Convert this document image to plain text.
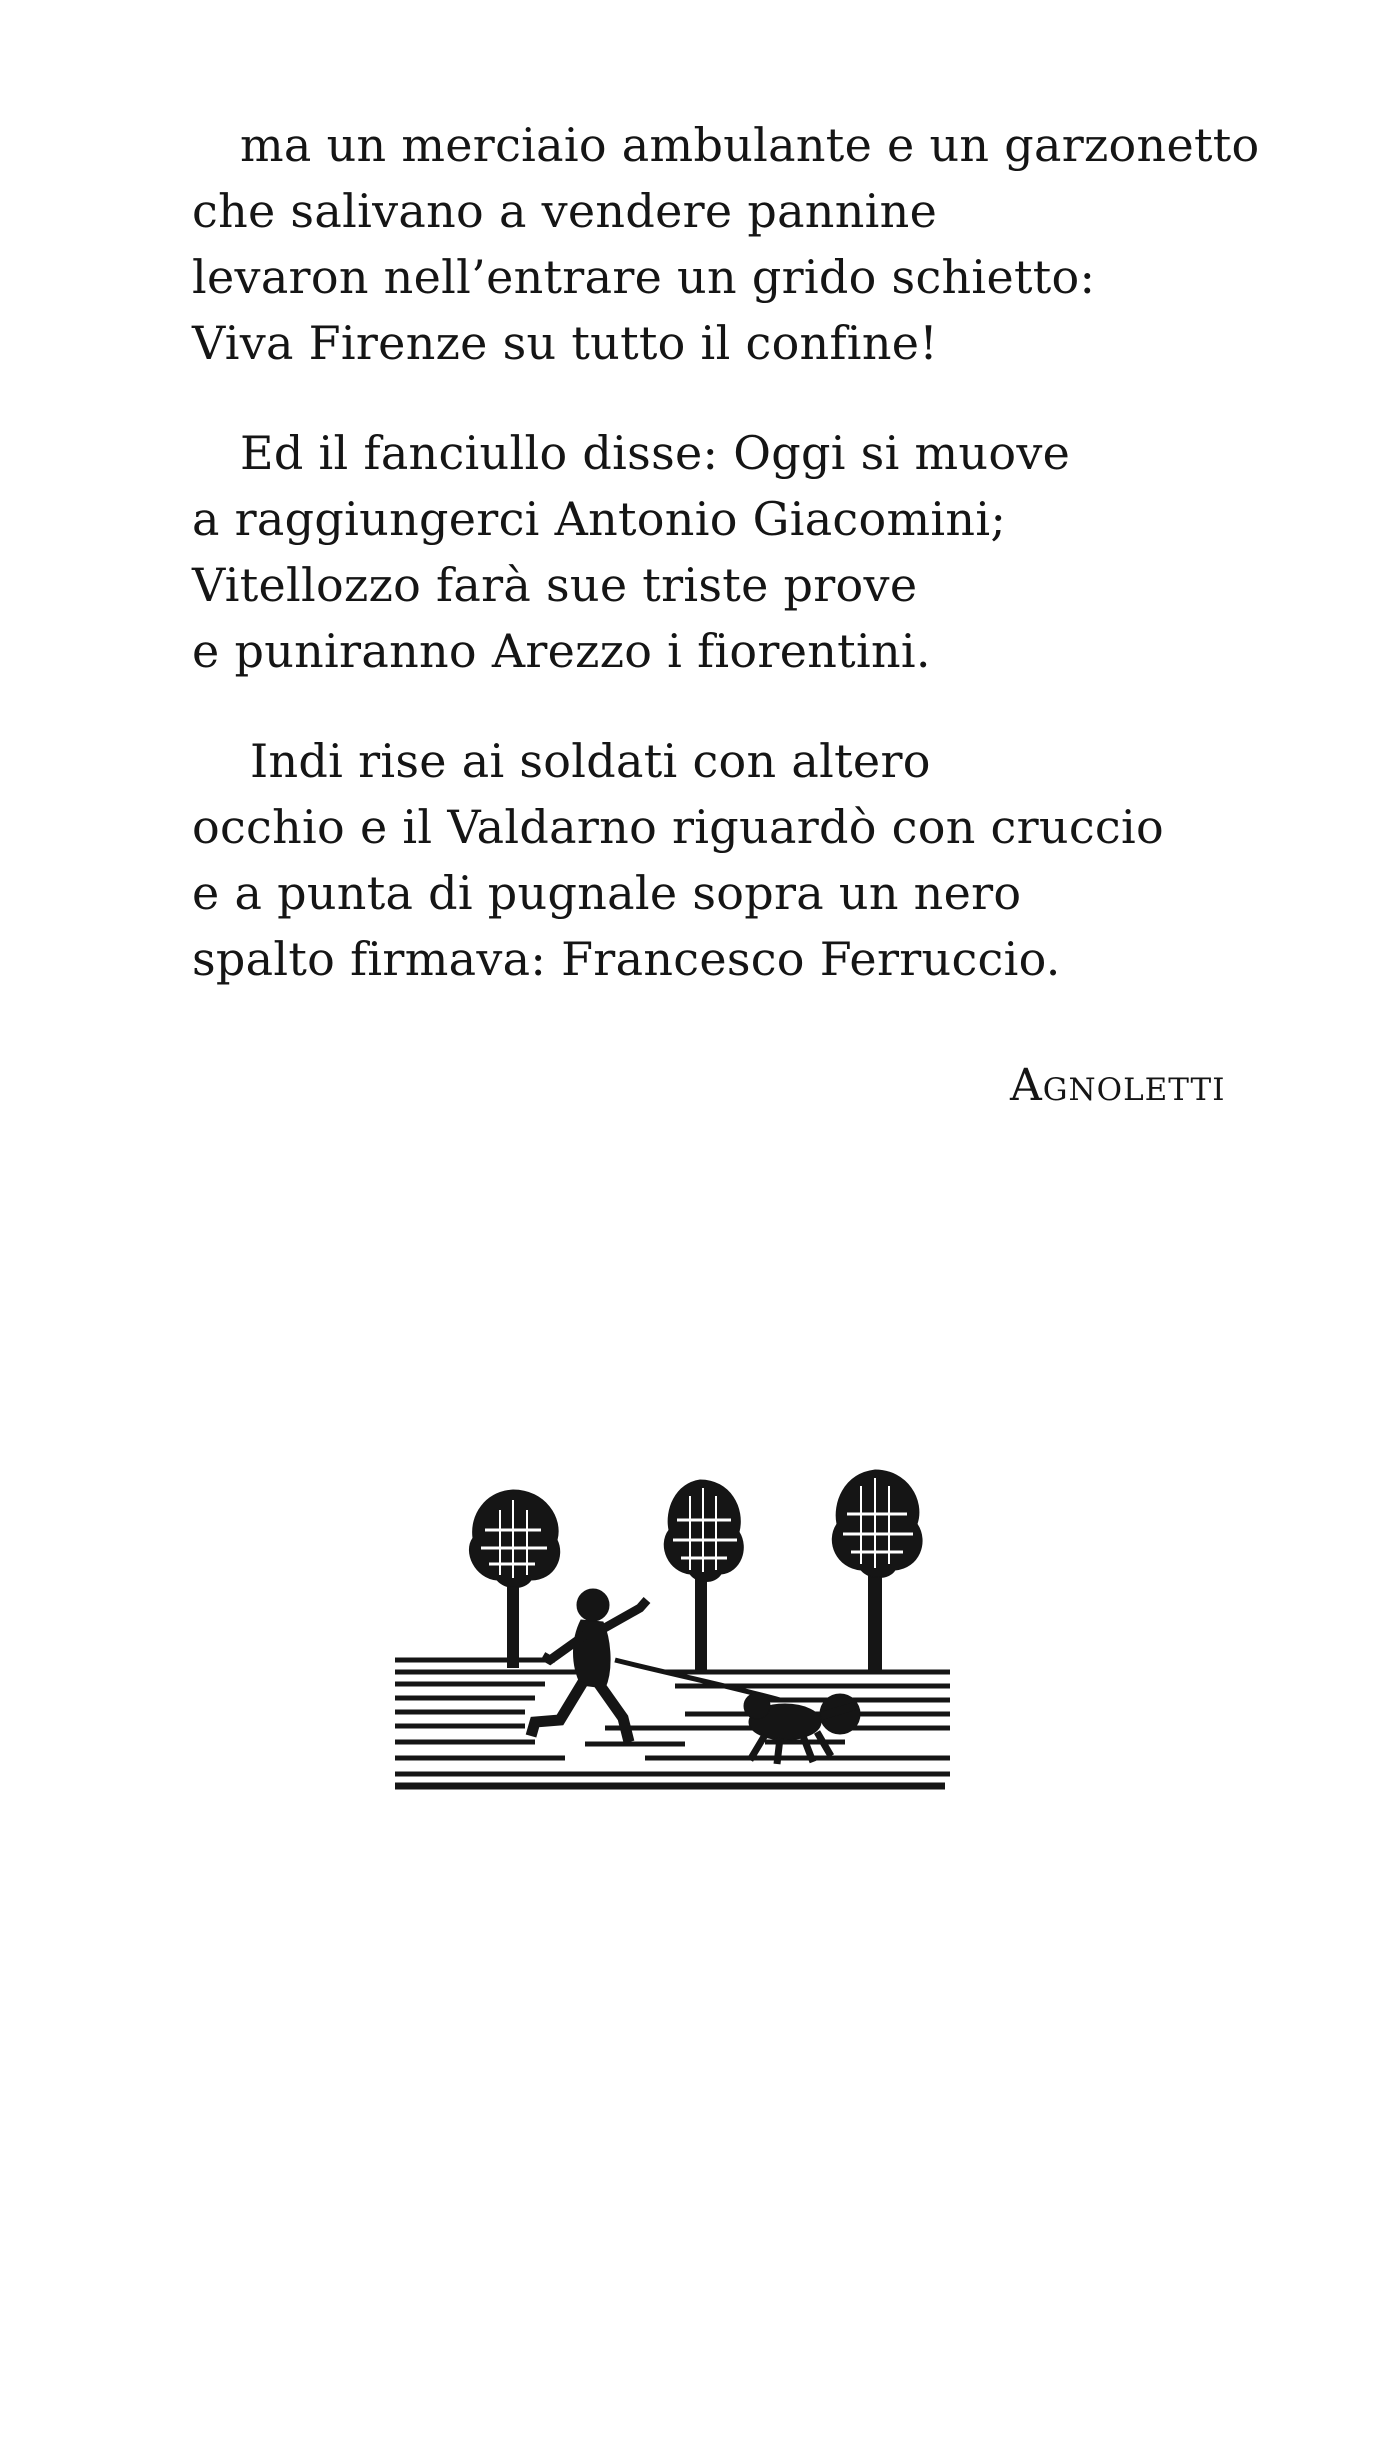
ma un merciaio ambulante e un garzonetto
che salivano a vendere pannine
levaron nell’entrare un grido schietto:
Viva Firenze su tutto il confine!
Ed il fanciullo disse: Oggi si muove
a raggiungerci Antonio Giacomini;
Vitellozzo farà sue triste prove
e puniranno Arezzo i fiorentini.
Indi rise ai soldati con altero
occhio e il Valdarno riguardò con cruccio
e a punta di pugnale sopra un nero
spalto firmava: Francesco Ferruccio.
Agnoletti
